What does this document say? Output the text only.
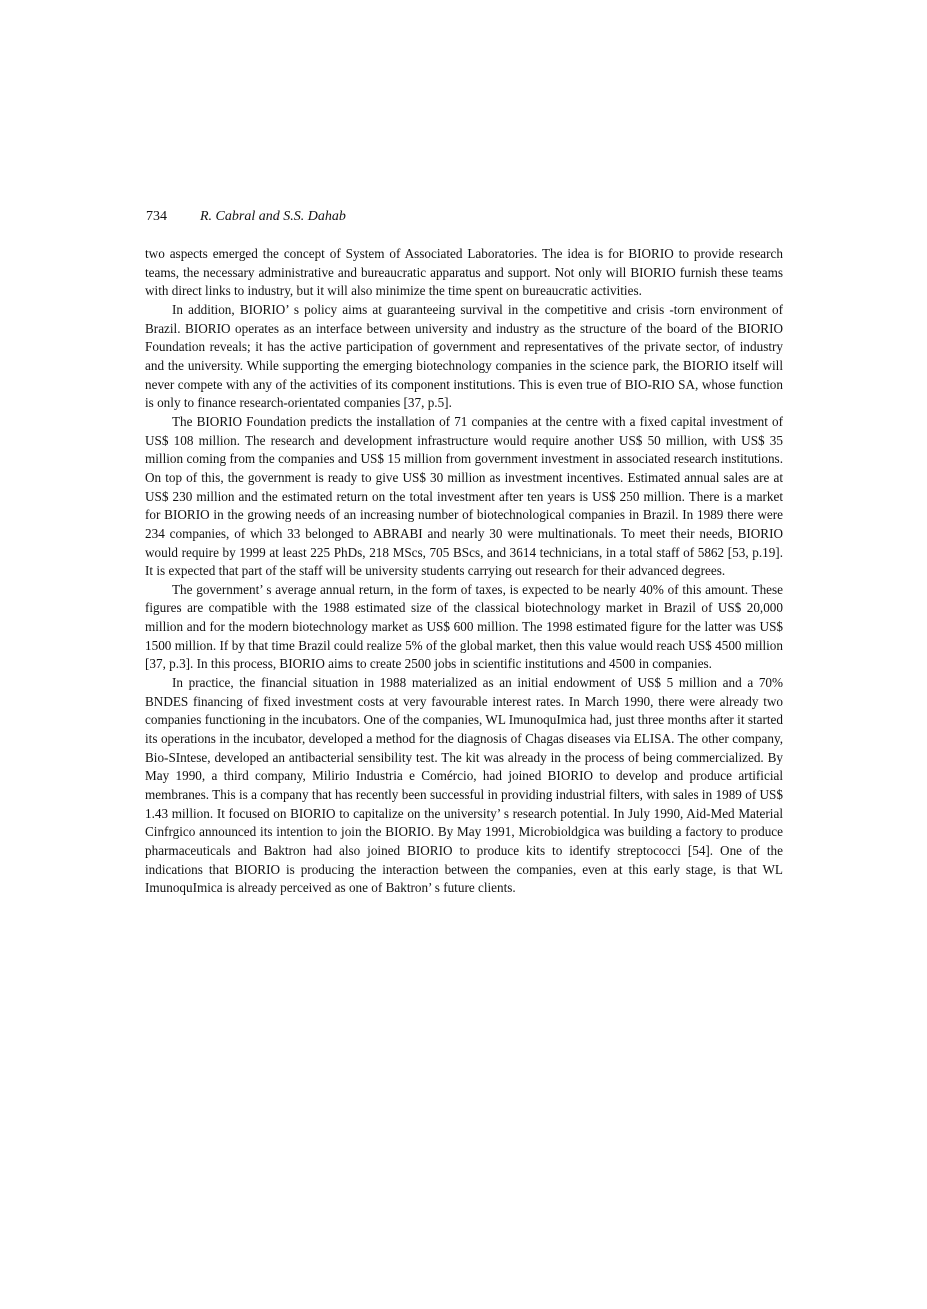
734 R. Cabral and S.S. Dahab

two aspects emerged the concept of System of Associated Laboratories. The idea is for BIORIO to provide research teams, the necessary administrative and bureaucratic apparatus and support. Not only will BIORIO furnish these teams with direct links to industry, but it will also minimize the time spent on bureaucratic activities.

In addition, BIORIO’ s policy aims at guaranteeing survival in the competitive and crisis -torn environment of Brazil. BIORIO operates as an interface between university and industry as the structure of the board of the BIORIO Foundation reveals; it has the active participation of government and representatives of the private sector, of industry and the university. While supporting the emerging biotechnology companies in the science park, the BIORIO itself will never compete with any of the activities of its component institutions. This is even true of BIO-RIO SA, whose function is only to finance research-orientated companies [37, p.5].

The BIORIO Foundation predicts the installation of 71 companies at the centre with a fixed capital investment of US$ 108 million. The research and development infrastructure would require another US$ 50 million, with US$ 35 million coming from the companies and US$ 15 million from government investment in associated research institutions. On top of this, the government is ready to give US$ 30 million as investment incentives. Estimated annual sales are at US$ 230 million and the estimated return on the total investment after ten years is US$ 250 million. There is a market for BIORIO in the growing needs of an increasing number of biotechnological companies in Brazil. In 1989 there were 234 companies, of which 33 belonged to ABRABI and nearly 30 were multinationals. To meet their needs, BIORIO would require by 1999 at least 225 PhDs, 218 MScs, 705 BScs, and 3614 technicians, in a total staff of 5862 [53, p.19]. It is expected that part of the staff will be university students carrying out research for their advanced degrees.

The government’ s average annual return, in the form of taxes, is expected to be nearly 40% of this amount. These figures are compatible with the 1988 estimated size of the classical biotechnology market in Brazil of US$ 20,000 million and for the modern biotechnology market as US$ 600 million. The 1998 estimated figure for the latter was US$ 1500 million. If by that time Brazil could realize 5% of the global market, then this value would reach US$ 4500 million [37, p.3]. In this process, BIORIO aims to create 2500 jobs in scientific institutions and 4500 in companies.

In practice, the financial situation in 1988 materialized as an initial endowment of US$ 5 million and a 70% BNDES financing of fixed investment costs at very favourable interest rates. In March 1990, there were already two companies functioning in the incubators. One of the companies, WL ImunoquImica had, just three months after it started its operations in the incubator, developed a method for the diagnosis of Chagas diseases via ELISA. The other company, Bio-SIntese, developed an antibacterial sensibility test. The kit was already in the process of being commercialized. By May 1990, a third company, Milirio Industria e Comércio, had joined BIORIO to develop and produce artificial membranes. This is a company that has recently been successful in providing industrial filters, with sales in 1989 of US$ 1.43 million. It focused on BIORIO to capitalize on the university’ s research potential. In July 1990, Aid-Med Material Cinfrgico announced its intention to join the BIORIO. By May 1991, Microbioldgica was building a factory to produce pharmaceuticals and Baktron had also joined BIORIO to produce kits to identify streptococci [54]. One of the indications that BIORIO is producing the interaction between the companies, even at this early stage, is that WL ImunoquImica is already perceived as one of Baktron’ s future clients.
